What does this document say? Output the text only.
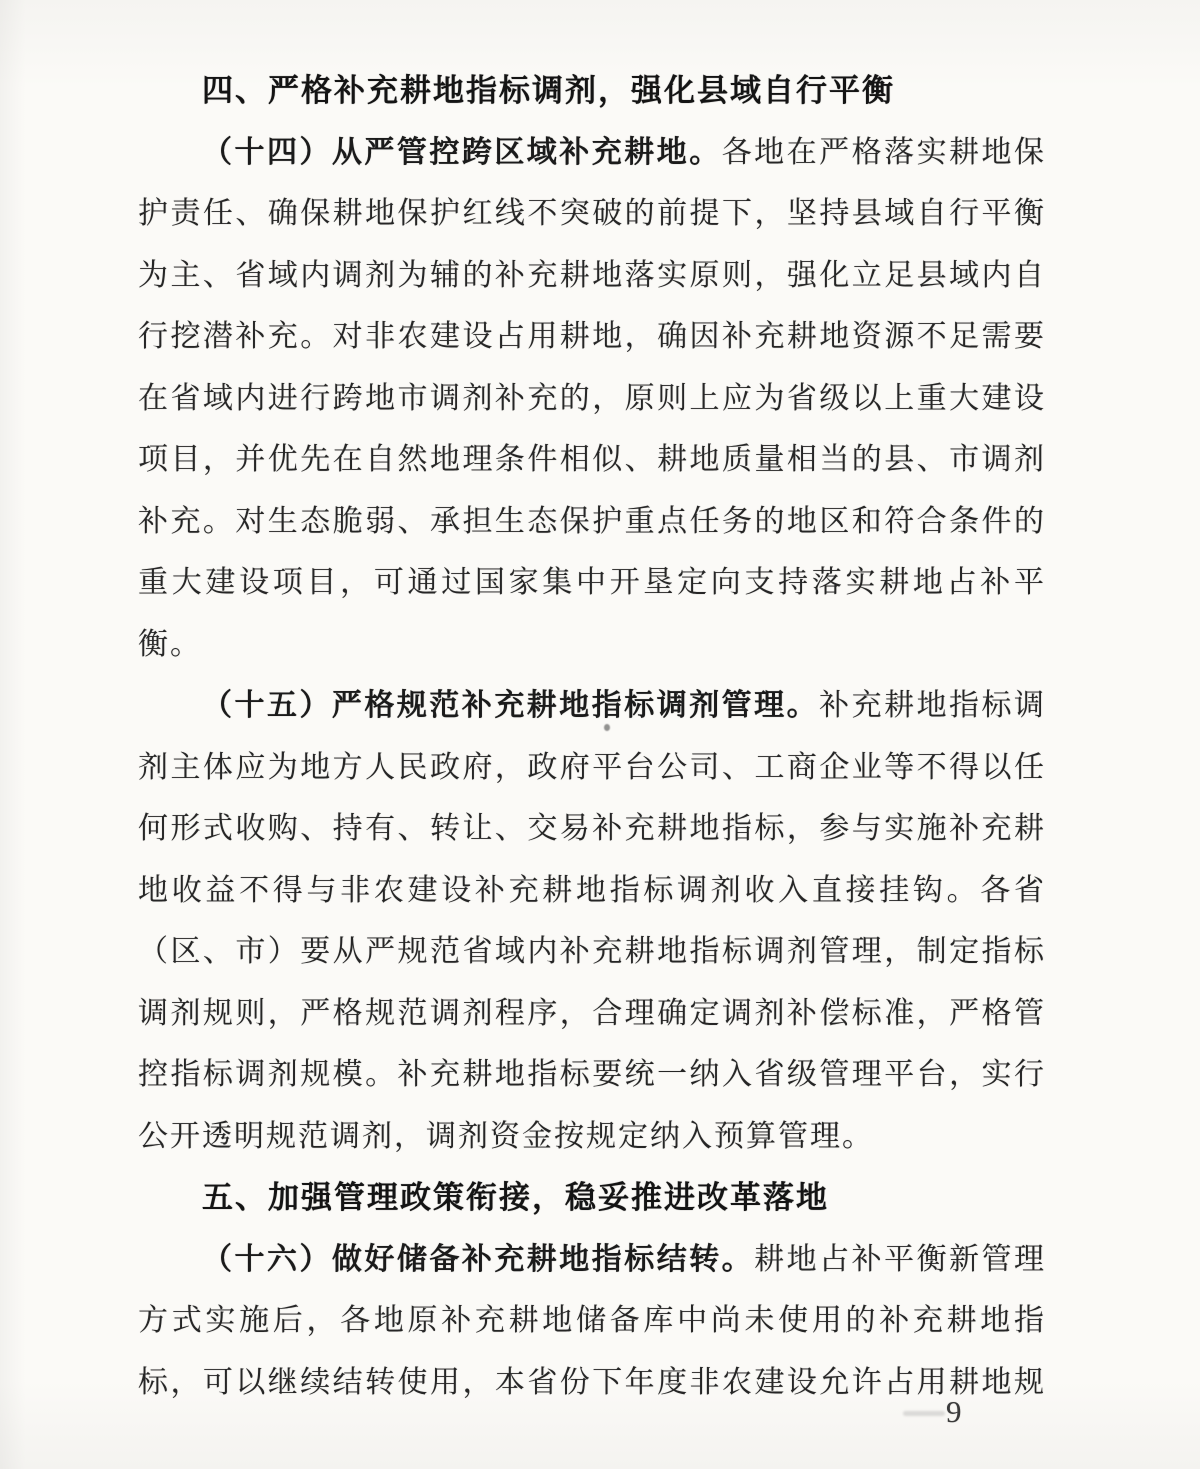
四、严格补充耕地指标调剂，强化县域自行平衡
（十四）从严管控跨区域补充耕地。各地在严格落实耕地保
护责任、确保耕地保护红线不突破的前提下，坚持县域自行平衡
为主、省域内调剂为辅的补充耕地落实原则，强化立足县域内自
行挖潜补充。对非农建设占用耕地，确因补充耕地资源不足需要
在省域内进行跨地市调剂补充的，原则上应为省级以上重大建设
项目，并优先在自然地理条件相似、耕地质量相当的县、市调剂
补充。对生态脆弱、承担生态保护重点任务的地区和符合条件的
重大建设项目，可通过国家集中开垦定向支持落实耕地占补平
衡。
（十五）严格规范补充耕地指标调剂管理。补充耕地指标调
剂主体应为地方人民政府，政府平台公司、工商企业等不得以任
何形式收购、持有、转让、交易补充耕地指标，参与实施补充耕
地收益不得与非农建设补充耕地指标调剂收入直接挂钩。各省
（区、市）要从严规范省域内补充耕地指标调剂管理，制定指标
调剂规则，严格规范调剂程序，合理确定调剂补偿标准，严格管
控指标调剂规模。补充耕地指标要统一纳入省级管理平台，实行
公开透明规范调剂，调剂资金按规定纳入预算管理。
五、加强管理政策衔接，稳妥推进改革落地
（十六）做好储备补充耕地指标结转。耕地占补平衡新管理
方式实施后，各地原补充耕地储备库中尚未使用的补充耕地指
标，可以继续结转使用，本省份下年度非农建设允许占用耕地规
9
